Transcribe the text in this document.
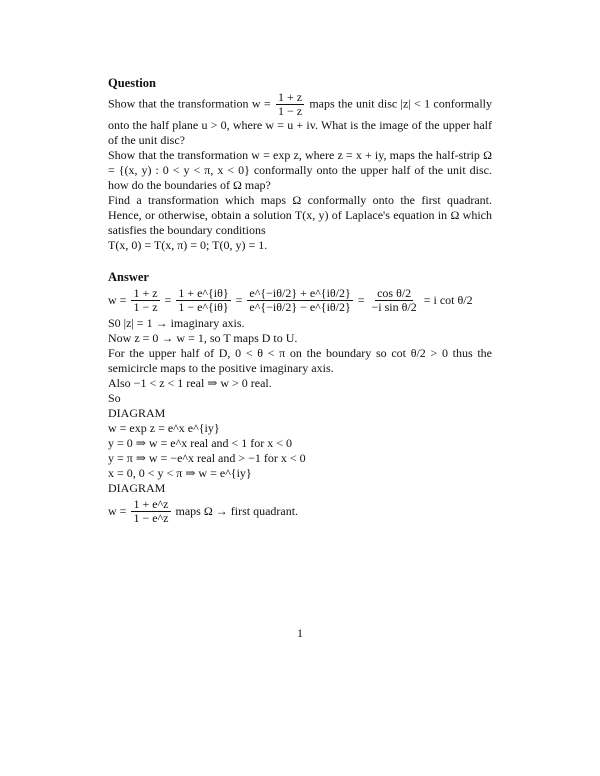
Question

Show that the transformation $w = \frac{1 + z}{1 - z}$ maps the unit disc |z| < 1 conformally onto the half plane u > 0, where w = u + iv. What is the image of the upper half of the unit disc?

Show that the transformation w = exp z, where z = x + iy, maps the half-strip Ω = {(x, y) : 0 < y < π, x < 0} conformally onto the upper half of the unit disc. how do the boundaries of Ω map?

Find a transformation which maps Ω conformally onto the first quadrant. Hence, or otherwise, obtain a solution T(x, y) of Laplace's equation in Ω which satisfies the boundary conditions

T(x, 0) = T(x, π) = 0; T(0, y) = 1.

Answer
$w = \frac{1 + z}{1 - z} = \frac{1 + e\^{}\{i\theta\}}{1 - e\^{}\{i\theta\}} = \frac{e\^{}\{-i\theta/2\} + e\^{}\{i\theta/2\}}{e\^{}\{-i\theta/2\} - e\^{}\{i\theta/2\}} = \frac{\text{cos θ/2}}{\text{−i sin θ/2}} = i$ cot θ/2

S0 |z| = 1 → imaginary axis.

Now z = 0 → w = 1, so T maps D to U.

For the upper half of D, 0 < θ < π on the boundary so cot θ/2 > 0 thus the semicircle maps to the positive imaginary axis.

Also −1 < z < 1 real ⇒ w > 0 real.

So

DIAGRAM

w = exp z = e^x e^{iy}

y = 0 ⇒ w = e^x real and < 1 for x < 0

y = π ⇒ w = −e^x real and > −1 for x < 0

x = 0, 0 < y < π ⇒ w = e^{iy}

DIAGRAM

$w = \frac{1 + e\^{}z}{1 - e\^{}z}$ maps Ω → first quadrant.
1
